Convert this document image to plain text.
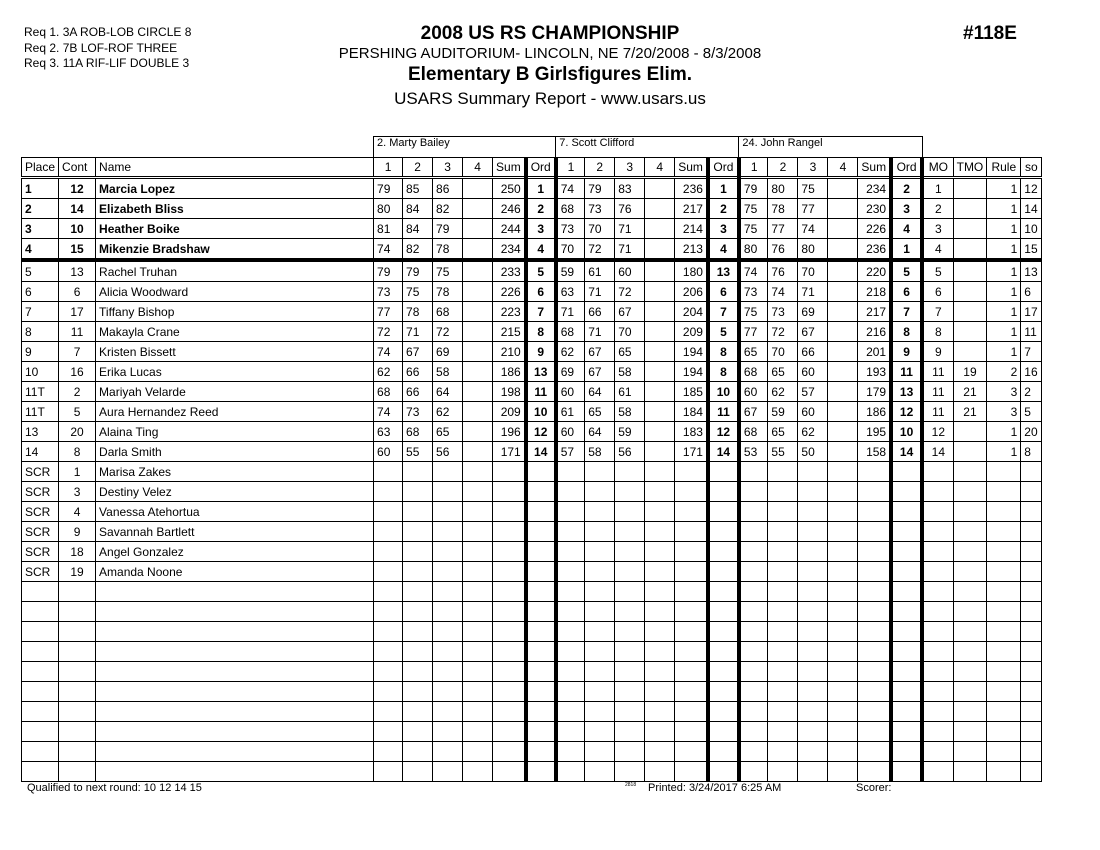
Req 1. 3A ROB-LOB CIRCLE 8
Req 2. 7B LOF-ROF THREE
Req 3. 11A RIF-LIF DOUBLE 3
2008 US RS CHAMPIONSHIP
PERSHING AUDITORIUM- LINCOLN, NE 7/20/2008 - 8/3/2008
Elementary B Girlsfigures Elim.
USARS Summary Report - www.usars.us
#118E
			2. Marty Bailey						7. Scott Clifford						24. John Rangel									
Place	Cont	Name	1	2	3	4	Sum	Ord	1	2	3	4	Sum	Ord	1	2	3	4	Sum	Ord	MO	TMO	Rule	so
1	12	Marcia Lopez	79	85	86		250	1	74	79	83		236	1	79	80	75		234	2	1		1	12
2	14	Elizabeth Bliss	80	84	82		246	2	68	73	76		217	2	75	78	77		230	3	2		1	14
3	10	Heather Boike	81	84	79		244	3	73	70	71		214	3	75	77	74		226	4	3		1	10
4	15	Mikenzie Bradshaw	74	82	78		234	4	70	72	71		213	4	80	76	80		236	1	4		1	15
5	13	Rachel Truhan	79	79	75		233	5	59	61	60		180	13	74	76	70		220	5	5		1	13
6	6	Alicia Woodward	73	75	78		226	6	63	71	72		206	6	73	74	71		218	6	6		1	6
7	17	Tiffany Bishop	77	78	68		223	7	71	66	67		204	7	75	73	69		217	7	7		1	17
8	11	Makayla Crane	72	71	72		215	8	68	71	70		209	5	77	72	67		216	8	8		1	11
9	7	Kristen Bissett	74	67	69		210	9	62	67	65		194	8	65	70	66		201	9	9		1	7
10	16	Erika Lucas	62	66	58		186	13	69	67	58		194	8	68	65	60		193	11	11	19	2	16
11T	2	Mariyah Velarde	68	66	64		198	11	60	64	61		185	10	60	62	57		179	13	11	21	3	2
11T	5	Aura Hernandez Reed	74	73	62		209	10	61	65	58		184	11	67	59	60		186	12	11	21	3	5
13	20	Alaina Ting	63	68	65		196	12	60	64	59		183	12	68	65	62		195	10	12		1	20
14	8	Darla Smith	60	55	56		171	14	57	58	56		171	14	53	55	50		158	14	14		1	8
SCR	1	Marisa Zakes																						
SCR	3	Destiny Velez																						
SCR	4	Vanessa Atehortua																						
SCR	9	Savannah Bartlett																						
SCR	18	Angel Gonzalez																						
SCR	19	Amanda Noone																						

Qualified to next round: 10 12 14 15	2818 Printed: 3/24/2017 6:25 AM	Scorer:
